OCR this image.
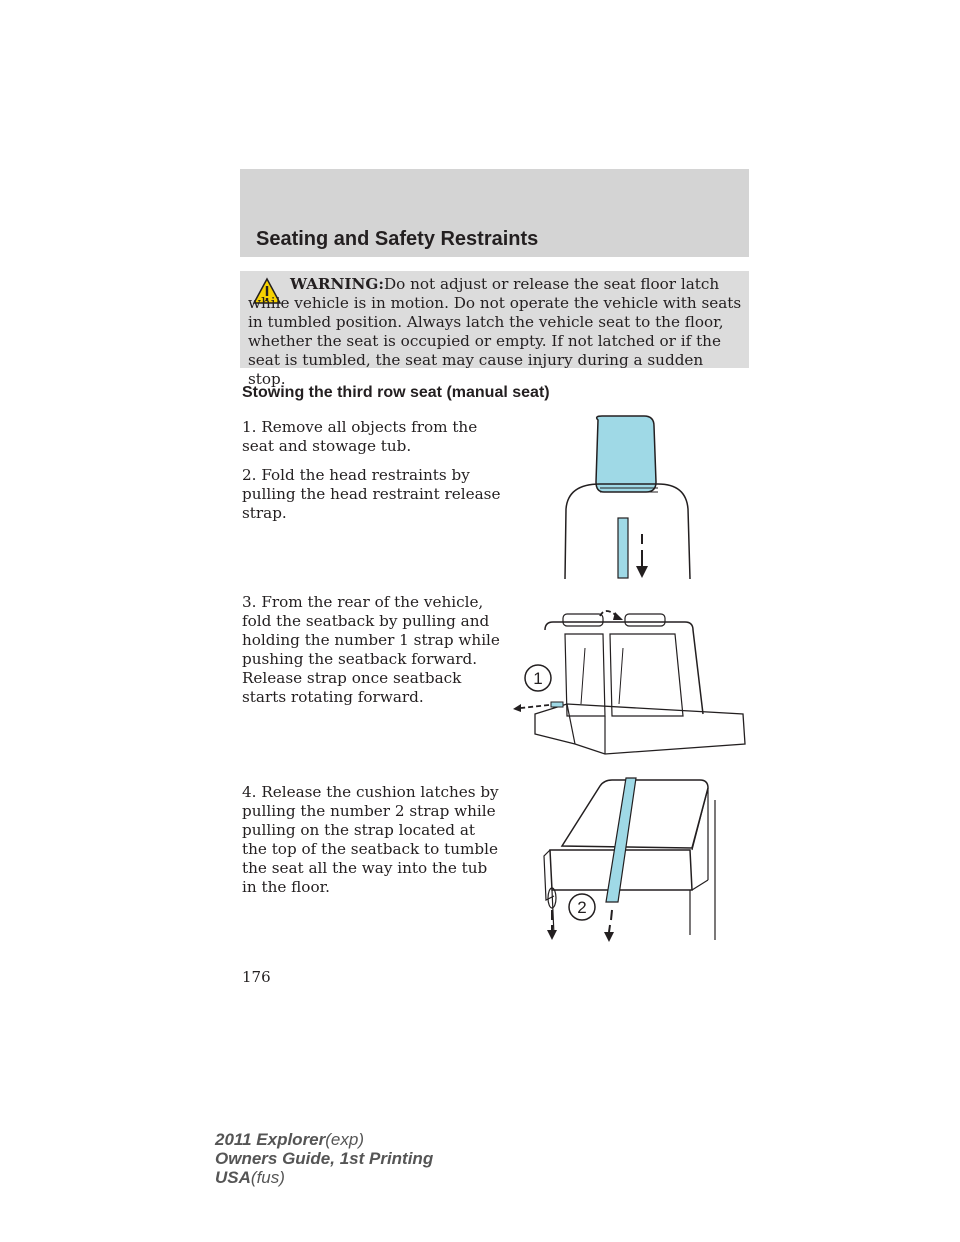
Seating and Safety Restraints

WARNING:Do not adjust or release the seat floor latch while vehicle is in motion. Do not operate the vehicle with seats in tumbled position. Always latch the vehicle seat to the floor, whether the seat is occupied or empty. If not latched or if the seat is tumbled, the seat may cause injury during a sudden stop.

Stowing the third row seat (manual seat)

1. Remove all objects from the seat and stowage tub.

2. Fold the head restraints by pulling the head restraint release strap.

3. From the rear of the vehicle, fold the seatback by pulling and holding the number 1 strap while pushing the seatback forward. Release strap once seatback starts rotating forward.

4. Release the cushion latches by pulling the number 2 strap while pulling on the strap located at the top of the seatback to tumble the seat all the way into the tub in the floor.

1
2

176

2011 Explorer(exp)
Owners Guide, 1st Printing
USA(fus)
